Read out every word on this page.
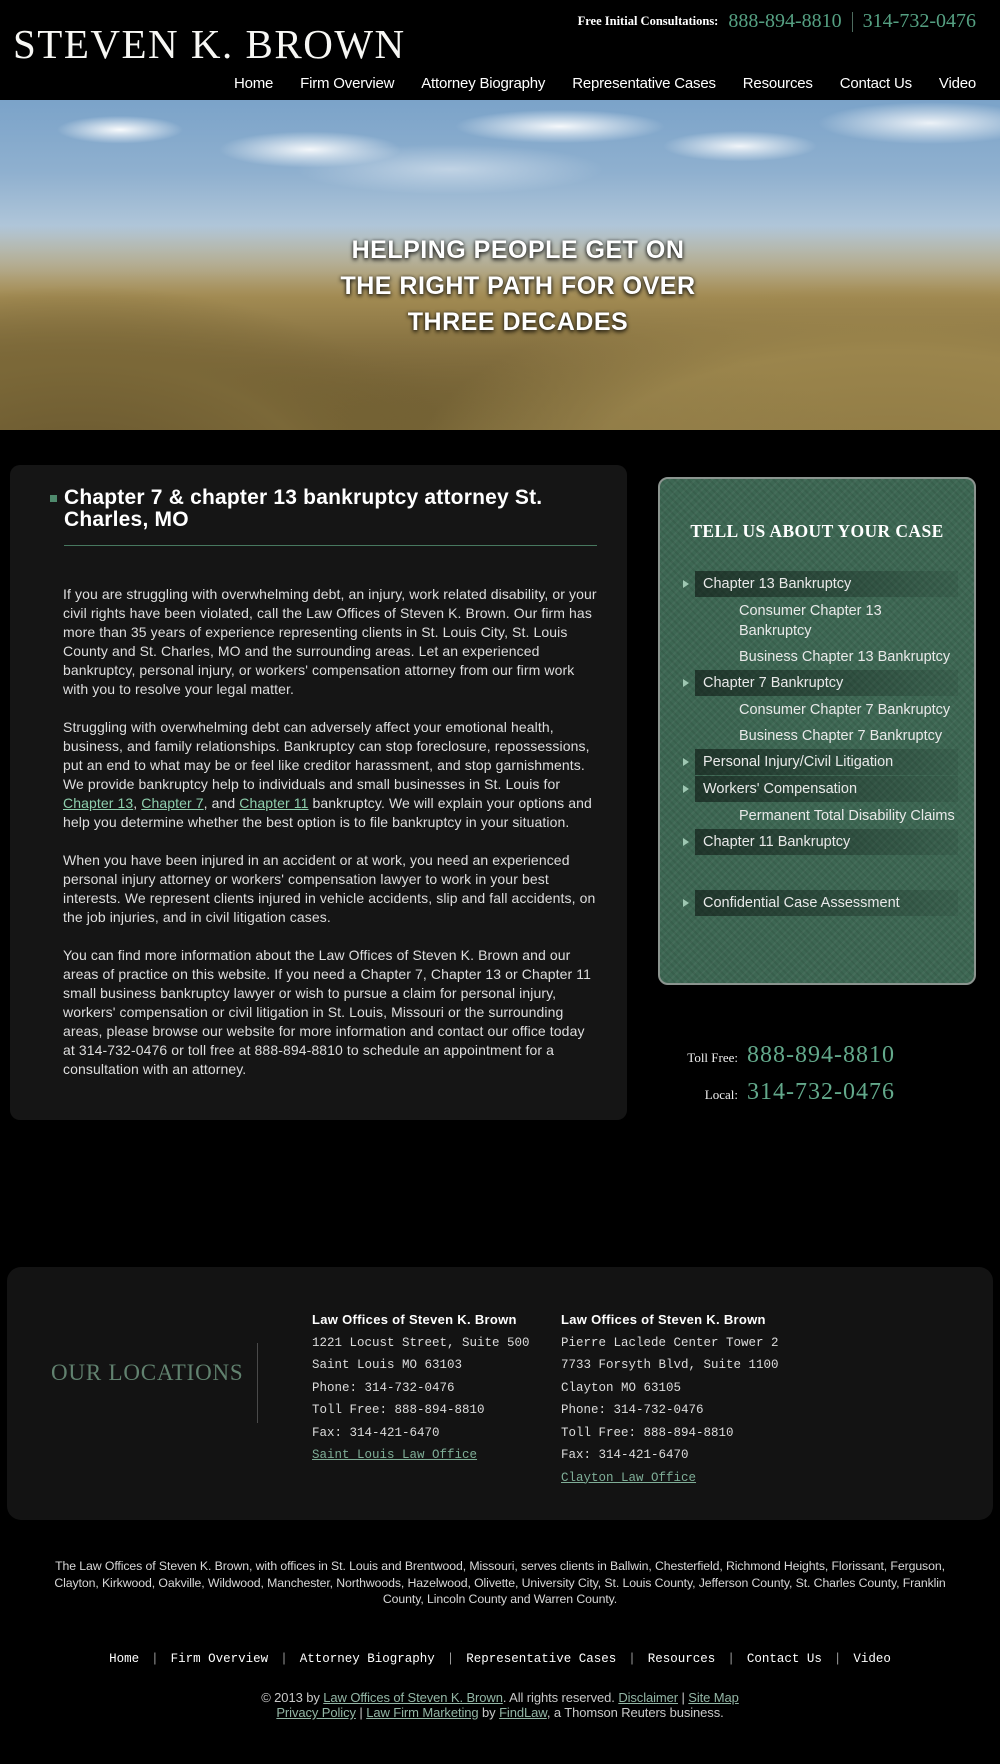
STEVEN K. BROWN	Free Initial Consultations: 888-894-8810 314-732-0476
Home Firm Overview Attorney Biography Representative Cases Resources Contact Us Video
HELPING PEOPLE GET ON
THE RIGHT PATH FOR OVER
THREE DECADES
Chapter 7 & chapter 13 bankruptcy attorney St. Charles, MO

If you are struggling with overwhelming debt, an injury, work related disability, or your civil rights have been violated, call the Law Offices of Steven K. Brown. Our firm has more than 35 years of experience representing clients in St. Louis City, St. Louis County and St. Charles, MO and the surrounding areas. Let an experienced bankruptcy, personal injury, or workers' compensation attorney from our firm work with you to resolve your legal matter.

Struggling with overwhelming debt can adversely affect your emotional health, business, and family relationships. Bankruptcy can stop foreclosure, repossessions, put an end to what may be or feel like creditor harassment, and stop garnishments. We provide bankruptcy help to individuals and small businesses in St. Louis for Chapter 13, Chapter 7, and Chapter 11 bankruptcy. We will explain your options and help you determine whether the best option is to file bankruptcy in your situation.

When you have been injured in an accident or at work, you need an experienced personal injury attorney or workers' compensation lawyer to work in your best interests. We represent clients injured in vehicle accidents, slip and fall accidents, on the job injuries, and in civil litigation cases.

You can find more information about the Law Offices of Steven K. Brown and our areas of practice on this website. If you need a Chapter 7, Chapter 13 or Chapter 11 small business bankruptcy lawyer or wish to pursue a claim for personal injury, workers' compensation or civil litigation in St. Louis, Missouri or the surrounding areas, please browse our website for more information and contact our office today at 314-732-0476 or toll free at 888-894-8810 to schedule an appointment for a consultation with an attorney.

TELL US ABOUT YOUR CASE
Chapter 13 Bankruptcy
Consumer Chapter 13 Bankruptcy
Business Chapter 13 Bankruptcy
Chapter 7 Bankruptcy
Consumer Chapter 7 Bankruptcy
Business Chapter 7 Bankruptcy
Personal Injury/Civil Litigation
Workers' Compensation
Permanent Total Disability Claims
Chapter 11 Bankruptcy
Confidential Case Assessment
Toll Free: 888-894-8810
Local: 314-732-0476
OUR LOCATIONS
Law Offices of Steven K. Brown
1221 Locust Street, Suite 500
Saint Louis MO 63103
Phone: 314-732-0476
Toll Free: 888-894-8810
Fax: 314-421-6470
Saint Louis Law Office
Law Offices of Steven K. Brown
Pierre Laclede Center Tower 2
7733 Forsyth Blvd, Suite 1100
Clayton MO 63105
Phone: 314-732-0476
Toll Free: 888-894-8810
Fax: 314-421-6470
Clayton Law Office
The Law Offices of Steven K. Brown, with offices in St. Louis and Brentwood, Missouri, serves clients in Ballwin, Chesterfield, Richmond Heights, Florissant, Ferguson, Clayton, Kirkwood, Oakville, Wildwood, Manchester, Northwoods, Hazelwood, Olivette, University City, St. Louis County, Jefferson County, St. Charles County, Franklin County, Lincoln County and Warren County.
Home | Firm Overview | Attorney Biography | Representative Cases | Resources | Contact Us | Video
© 2013 by Law Offices of Steven K. Brown. All rights reserved. Disclaimer | Site Map
Privacy Policy | Law Firm Marketing by FindLaw, a Thomson Reuters business.
